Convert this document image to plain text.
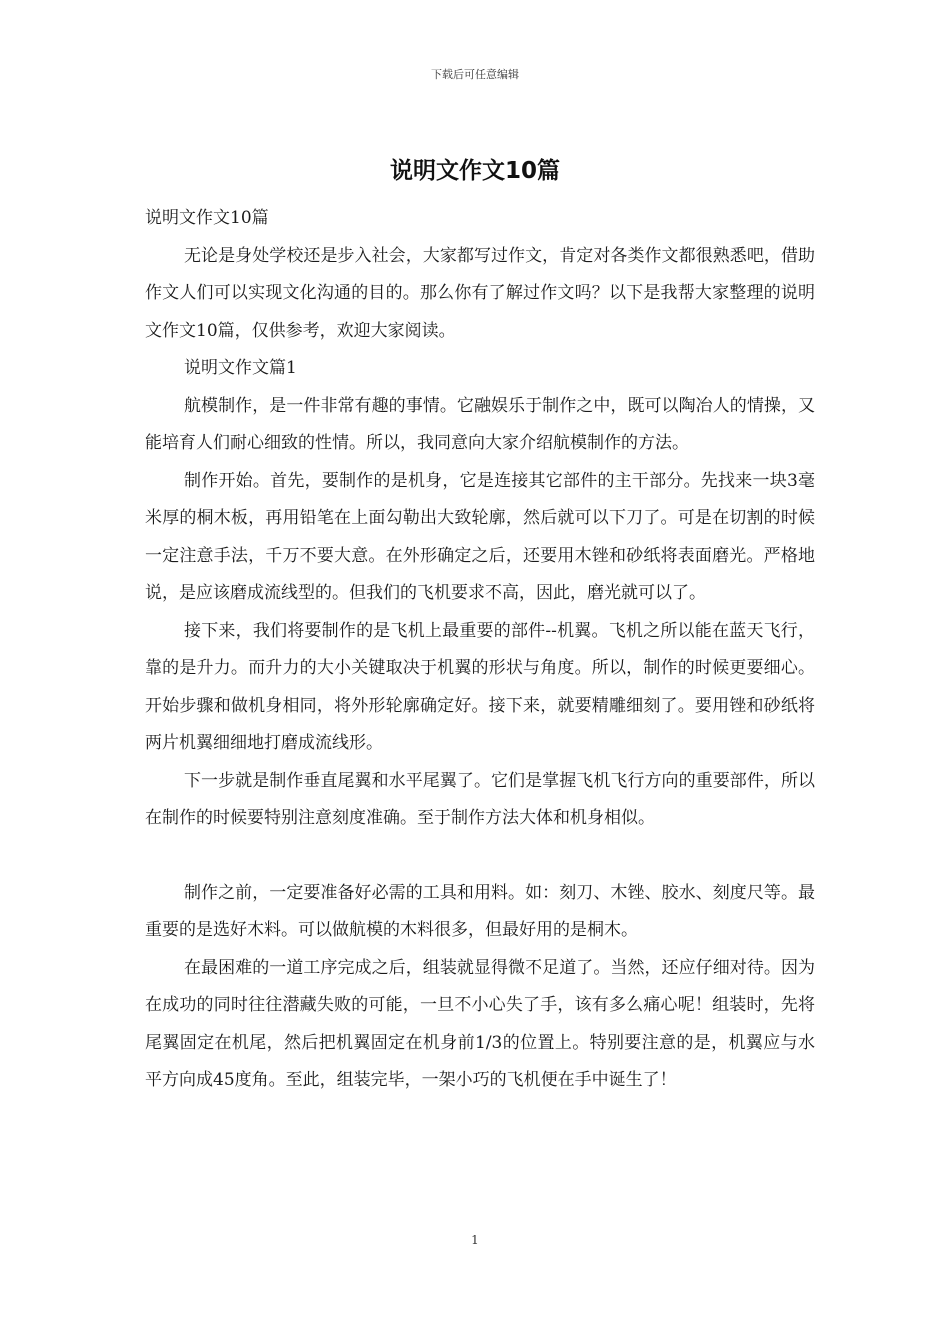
下载后可任意编辑
说明文作文10篇

说明文作文10篇

无论是身处学校还是步入社会，大家都写过作文，肯定对各类作文都很熟悉吧，借助作文人们可以实现文化沟通的目的。那么你有了解过作文吗？以下是我帮大家整理的说明文作文10篇，仅供参考，欢迎大家阅读。

说明文作文篇1

航模制作，是一件非常有趣的事情。它融娱乐于制作之中，既可以陶冶人的情操，又能培育人们耐心细致的性情。所以，我同意向大家介绍航模制作的方法。

制作开始。首先，要制作的是机身，它是连接其它部件的主干部分。先找来一块3毫米厚的桐木板，再用铅笔在上面勾勒出大致轮廓，然后就可以下刀了。可是在切割的时候一定注意手法，千万不要大意。在外形确定之后，还要用木锉和砂纸将表面磨光。严格地说，是应该磨成流线型的。但我们的飞机要求不高，因此，磨光就可以了。

接下来，我们将要制作的是飞机上最重要的部件--机翼。飞机之所以能在蓝天飞行，靠的是升力。而升力的大小关键取决于机翼的形状与角度。所以，制作的时候更要细心。开始步骤和做机身相同，将外形轮廓确定好。接下来，就要精雕细刻了。要用锉和砂纸将两片机翼细细地打磨成流线形。

下一步就是制作垂直尾翼和水平尾翼了。它们是掌握飞机飞行方向的重要部件，所以在制作的时候要特别注意刻度准确。至于制作方法大体和机身相似。

制作之前，一定要准备好必需的工具和用料。如：刻刀、木锉、胶水、刻度尺等。最重要的是选好木料。可以做航模的木料很多，但最好用的是桐木。

在最困难的一道工序完成之后，组装就显得微不足道了。当然，还应仔细对待。因为在成功的同时往往潜藏失败的可能，一旦不小心失了手，该有多么痛心呢！组装时，先将尾翼固定在机尾，然后把机翼固定在机身前1/3的位置上。特别要注意的是，机翼应与水平方向成45度角。至此，组装完毕，一架小巧的飞机便在手中诞生了！

1
